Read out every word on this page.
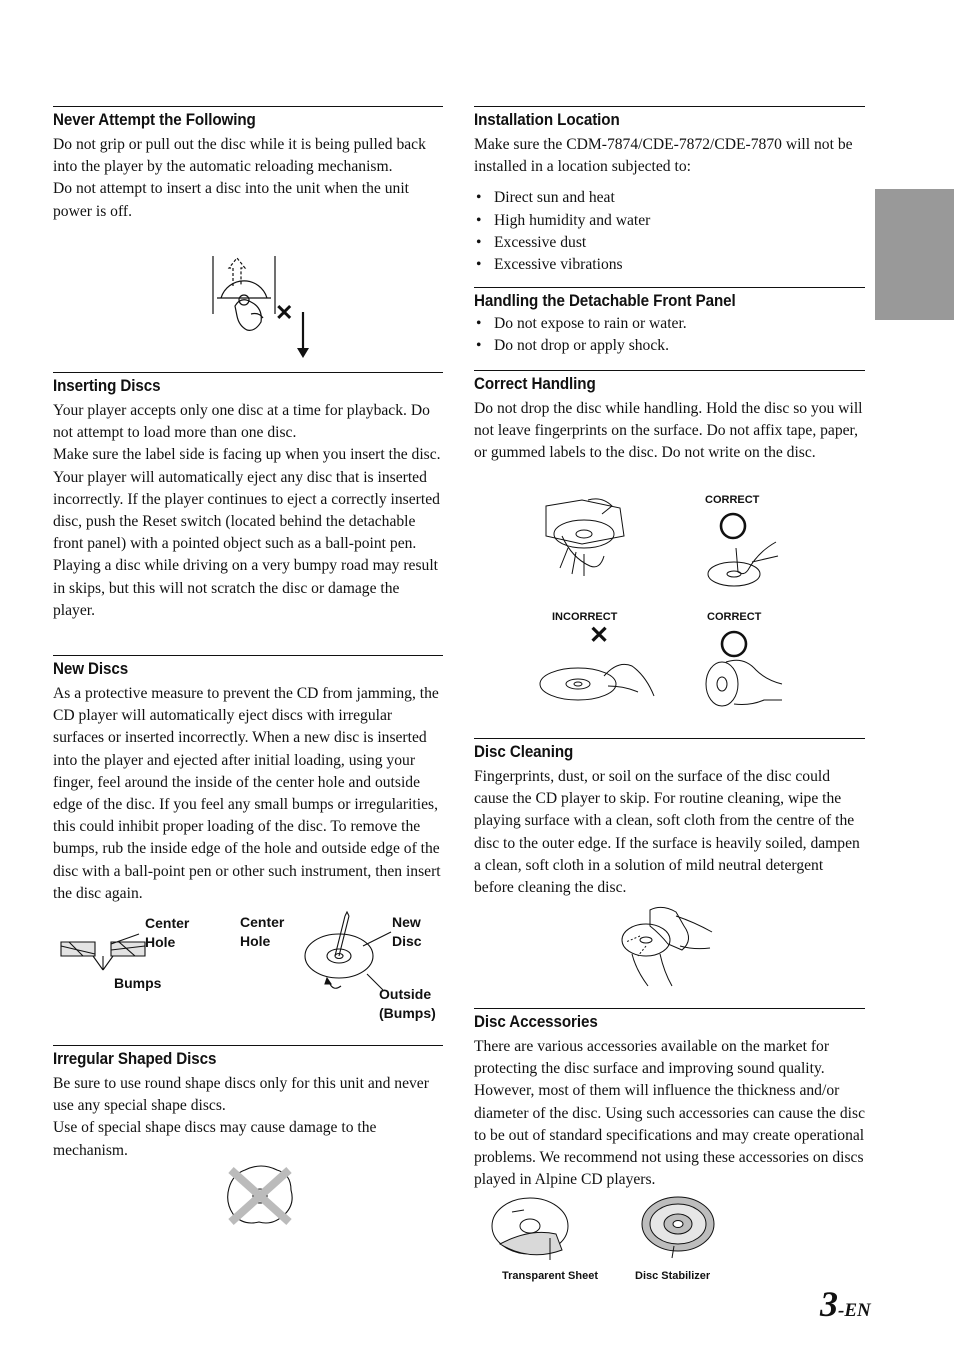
Never Attempt the Following

Do not grip or pull out the disc while it is being pulled back into the player by the automatic reloading mechanism.

Do not attempt to insert a disc into the unit when the unit power is off.

✕
Inserting Discs

Your player accepts only one disc at a time for playback. Do not attempt to load more than one disc.

Make sure the label side is facing up when you insert the disc. Your player will automatically eject any disc that is inserted incorrectly. If the player continues to eject a correctly inserted disc, push the Reset switch (located behind the detachable front panel) with a pointed object such as a ball-point pen.

Playing a disc while driving on a very bumpy road may result in skips, but this will not scratch the disc or damage the player.

New Discs

As a protective measure to prevent the CD from jamming, the CD player will automatically eject discs with irregular surfaces or inserted incorrectly. When a new disc is inserted into the player and ejected after initial loading, using your finger, feel around the inside of the center hole and outside edge of the disc. If you feel any small bumps or irregularities, this could inhibit proper loading of the disc. To remove the bumps, rub the inside edge of the hole and outside edge of the disc with a ball-point pen or other such instrument, then insert the disc again.

Center Hole
Bumps
Center Hole
New Disc
Outside (Bumps)
Irregular Shaped Discs

Be sure to use round shape discs only for this unit and never use any special shape discs.

Use of special shape discs may cause damage to the mechanism.

Installation Location

Make sure the CDM-7874/CDE-7872/CDE-7870 will not be installed in a location subjected to:

• Direct sun and heat
• High humidity and water
• Excessive dust
• Excessive vibrations
Handling the Detachable Front Panel
• Do not expose to rain or water.
• Do not drop or apply shock.
Correct Handling

Do not drop the disc while handling. Hold the disc so you will not leave fingerprints on the surface. Do not affix tape, paper, or gummed labels to the disc. Do not write on the disc.

CORRECT
INCORRECT
✕
CORRECT
Disc Cleaning

Fingerprints, dust, or soil on the surface of the disc could cause the CD player to skip. For routine cleaning, wipe the playing surface with a clean, soft cloth from the centre of the disc to the outer edge. If the surface is heavily soiled, dampen a clean, soft cloth in a solution of mild neutral detergent before cleaning the disc.

Disc Accessories

There are various accessories available on the market for protecting the disc surface and improving sound quality. However, most of them will influence the thickness and/or diameter of the disc. Using such accessories can cause the disc to be out of standard specifications and may create operational problems. We recommend not using these accessories on discs played in Alpine CD players.

Transparent Sheet	Disc Stabilizer
3-EN
